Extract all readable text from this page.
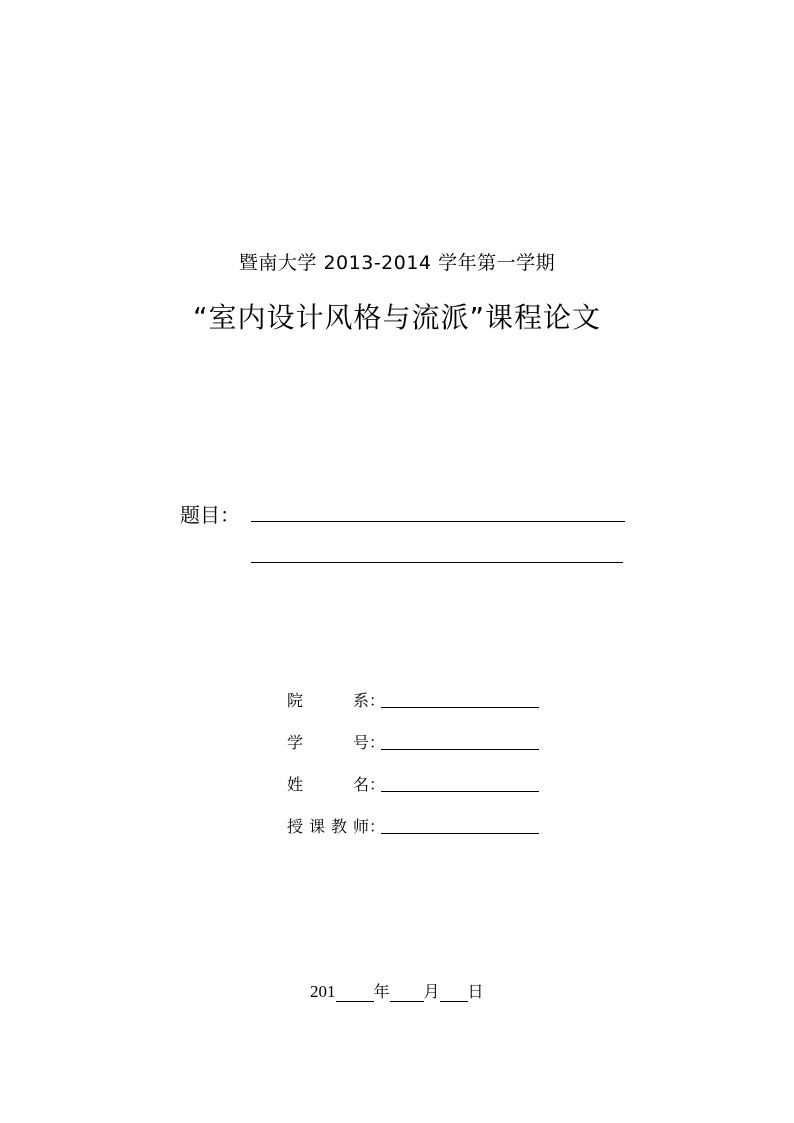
暨南大学 2013-2014 学年第一学期
“室内设计风格与流派”课程论文
题目：
院系：
学号：
姓名：
授课教师：
201 年 月 日
